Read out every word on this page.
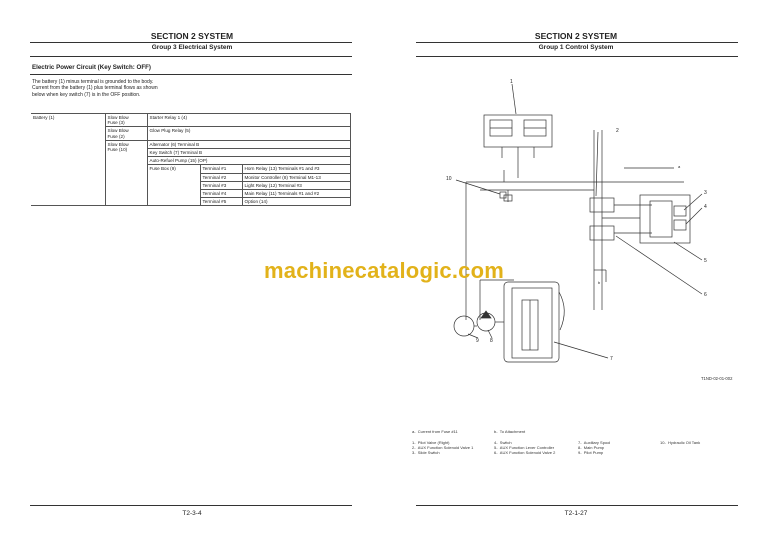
SECTION 2 SYSTEM
Group 3 Electrical System
Electric Power Circuit (Key Switch: OFF)
The battery (1) minus terminal is grounded to the body.
Current from the battery (1) plus terminal flows as shown
below when key switch (7) is in the OFF position.
Battery (1)	Slow Blow
Fuse (3)	Starter Relay 1 (4)		

	Slow Blow
Fuse (2)	Glow Plug Relay (5)		

	Slow Blow
Fuse (10)	Alternator (6) Terminal B		
		Key Switch (7) Terminal B		
		Auto-Refuel Pump (15) (OP)		
		Fuse Box (9)	Terminal #1	Horn Relay (13) Terminals #1 and #3
			Terminal #2	Monitor Controller (8) Terminal M1-13
			Terminal #3	Light Relay (12) Terminal #3
			Terminal #4	Main Relay (11) Terminals #1 and #2
			Terminal #5	Option (14)
T2-3-4
SECTION 2 SYSTEM
Group 1 Control System
1
2
3
4
5
6
7
8
9
10
a
b
T1ND-02-01-002
a- Current from Fuse #11	b- To Attachment
1- Pilot Valve (Right)
2- AUX Function Solenoid Valve 1
3- Slide Switch
4- Switch
5- AUX Function Lever Controller
6- AUX Function Solenoid Valve 2
7- Auxiliary Spool
8- Main Pump
9- Pilot Pump
10- Hydraulic Oil Tank
T2-1-27
machinecatalogic.com
